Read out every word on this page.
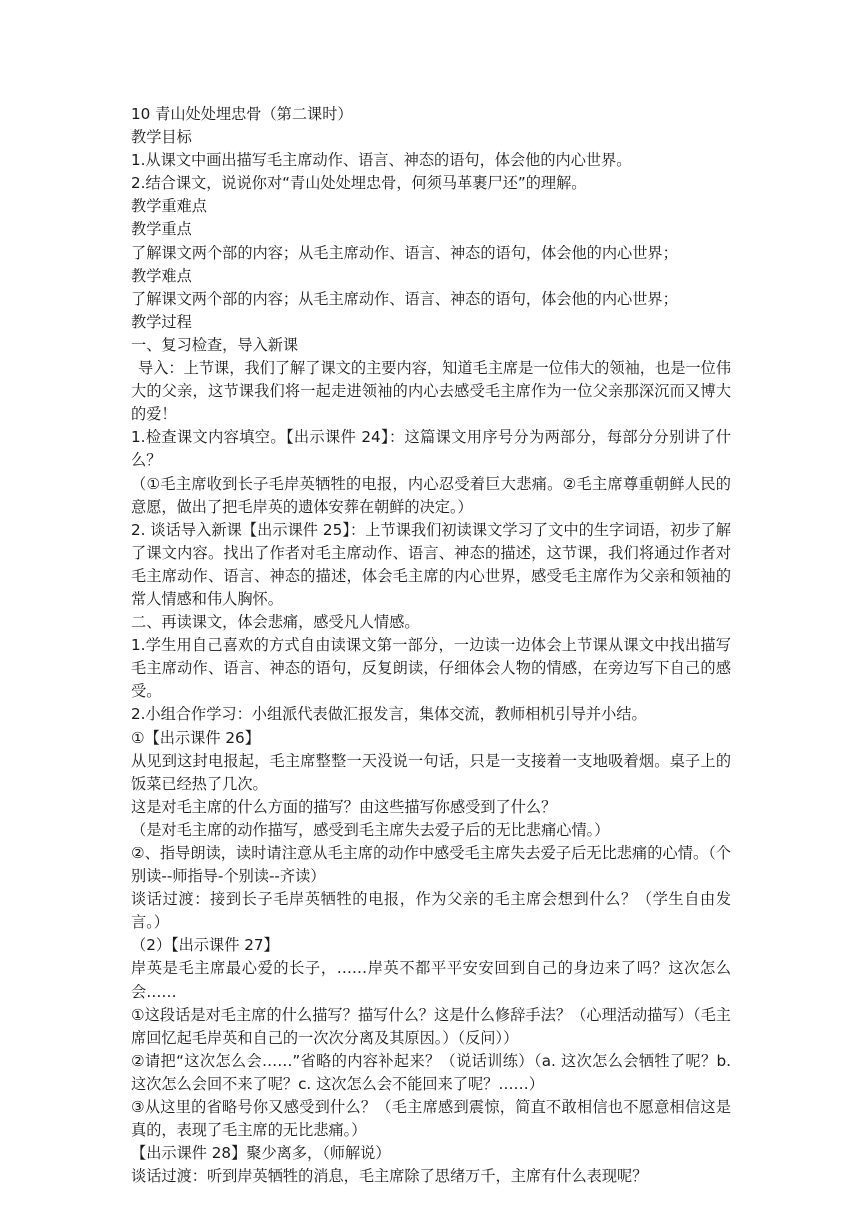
10 青山处处埋忠骨（第二课时）

教学目标

1.从课文中画出描写毛主席动作、语言、神态的语句，体会他的内心世界。

2.结合课文，说说你对“青山处处埋忠骨，何须马革裹尸还”的理解。

教学重难点

教学重点

了解课文两个部的内容；从毛主席动作、语言、神态的语句，体会他的内心世界；

教学难点

了解课文两个部的内容；从毛主席动作、语言、神态的语句，体会他的内心世界；

教学过程

一、复习检查，导入新课

导入：上节课，我们了解了课文的主要内容，知道毛主席是一位伟大的领袖，也是一位伟大的父亲，这节课我们将一起走进领袖的内心去感受毛主席作为一位父亲那深沉而又博大的爱！

1.检查课文内容填空。【出示课件 24】：这篇课文用序号分为两部分，每部分分别讲了什么？

（①毛主席收到长子毛岸英牺牲的电报，内心忍受着巨大悲痛。②毛主席尊重朝鲜人民的意愿，做出了把毛岸英的遗体安葬在朝鲜的决定。）

2. 谈话导入新课【出示课件 25】：上节课我们初读课文学习了文中的生字词语，初步了解了课文内容。找出了作者对毛主席动作、语言、神态的描述，这节课，我们将通过作者对毛主席动作、语言、神态的描述，体会毛主席的内心世界，感受毛主席作为父亲和领袖的常人情感和伟人胸怀。

二、再读课文，体会悲痛，感受凡人情感。

1.学生用自己喜欢的方式自由读课文第一部分，一边读一边体会上节课从课文中找出描写毛主席动作、语言、神态的语句，反复朗读，仔细体会人物的情感，在旁边写下自己的感受。

2.小组合作学习：小组派代表做汇报发言，集体交流，教师相机引导并小结。

①【出示课件 26】

从见到这封电报起，毛主席整整一天没说一句话，只是一支接着一支地吸着烟。桌子上的饭菜已经热了几次。

这是对毛主席的什么方面的描写？由这些描写你感受到了什么？

（是对毛主席的动作描写，感受到毛主席失去爱子后的无比悲痛心情。）

②、指导朗读，读时请注意从毛主席的动作中感受毛主席失去爱子后无比悲痛的心情。（个别读--师指导-个别读--齐读）

谈话过渡：接到长子毛岸英牺牲的电报，作为父亲的毛主席会想到什么？（学生自由发言。）

（2）【出示课件 27】

岸英是毛主席最心爱的长子，……岸英不都平平安安回到自己的身边来了吗？这次怎么会……

①这段话是对毛主席的什么描写？描写什么？这是什么修辞手法？（心理活动描写）（毛主席回忆起毛岸英和自己的一次次分离及其原因。）（反问））

②请把“这次怎么会……”省略的内容补起来？（说话训练）（a. 这次怎么会牺牲了呢？b. 这次怎么会回不来了呢？c. 这次怎么会不能回来了呢？……）

③从这里的省略号你又感受到什么？（毛主席感到震惊，简直不敢相信也不愿意相信这是真的，表现了毛主席的无比悲痛。）

【出示课件 28】聚少离多，（师解说）

谈话过渡：听到岸英牺牲的消息，毛主席除了思绪万千，主席有什么表现呢？
